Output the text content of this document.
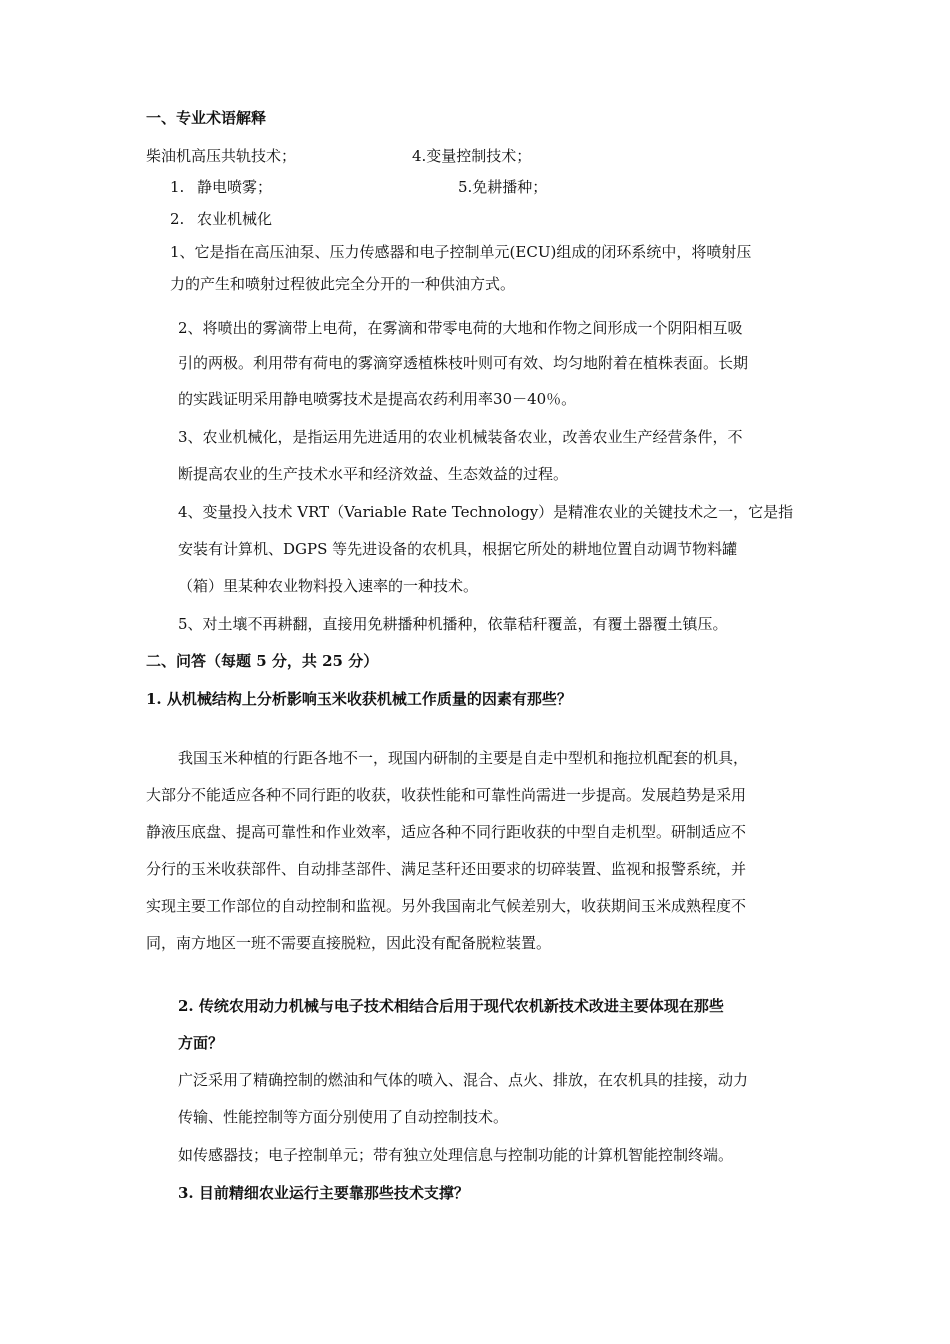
一、专业术语解释
柴油机高压共轨技术；	4.变量控制技术；
1. 静电喷雾；	5.免耕播种；
2. 农业机械化
1、它是指在高压油泵、压力传感器和电子控制单元(ECU)组成的闭环系统中，将喷射压
力的产生和喷射过程彼此完全分开的一种供油方式。
2、将喷出的雾滴带上电荷，在雾滴和带零电荷的大地和作物之间形成一个阴阳相互吸
引的两极。利用带有荷电的雾滴穿透植株枝叶则可有效、均匀地附着在植株表面。长期
的实践证明采用静电喷雾技术是提高农药利用率30－40％。
3、农业机械化，是指运用先进适用的农业机械装备农业，改善农业生产经营条件，不
断提高农业的生产技术水平和经济效益、生态效益的过程。
4、变量投入技术 VRT（Variable Rate Technology）是精准农业的关键技术之一，它是指
安装有计算机、DGPS 等先进设备的农机具，根据它所处的耕地位置自动调节物料罐
（箱）里某种农业物料投入速率的一种技术。
5、对土壤不再耕翻，直接用免耕播种机播种，依靠秸秆覆盖，有覆土器覆土镇压。
二、问答（每题 5 分，共 25 分）
1. 从机械结构上分析影响玉米收获机械工作质量的因素有那些？
我国玉米种植的行距各地不一，现国内研制的主要是自走中型机和拖拉机配套的机具，
大部分不能适应各种不同行距的收获，收获性能和可靠性尚需进一步提高。发展趋势是采用
静液压底盘、提高可靠性和作业效率，适应各种不同行距收获的中型自走机型。研制适应不
分行的玉米收获部件、自动排茎部件、满足茎秆还田要求的切碎装置、监视和报警系统，并
实现主要工作部位的自动控制和监视。另外我国南北气候差别大，收获期间玉米成熟程度不
同，南方地区一班不需要直接脱粒，因此没有配备脱粒装置。
2. 传统农用动力机械与电子技术相结合后用于现代农机新技术改进主要体现在那些
方面？
广泛采用了精确控制的燃油和气体的喷入、混合、点火、排放，在农机具的挂接，动力
传输、性能控制等方面分别使用了自动控制技术。
如传感器技；电子控制单元；带有独立处理信息与控制功能的计算机智能控制终端。
3. 目前精细农业运行主要靠那些技术支撑？
